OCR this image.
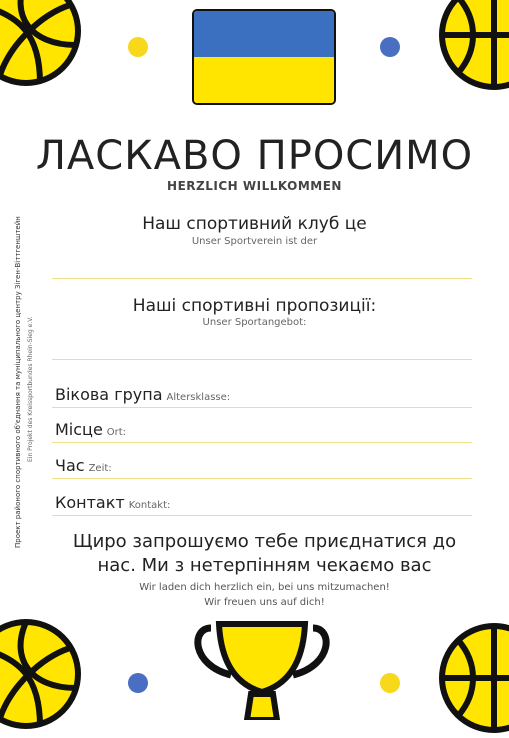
ЛАСКАВО ПРОСИМО
HERZLICH WILLKOMMEN
Наш спортивний клуб це
Unser Sportverein ist der
Наші спортивні пропозиції:
Unser Sportangebot:
Вікова група Altersklasse:
Місце Ort:
Час Zeit:
Контакт Kontakt:
Щиро запрошуємо тебе приєднатися до
нас. Ми з нетерпінням чекаємо вас
Wir laden dich herzlich ein, bei uns mitzumachen!
Wir freuen uns auf dich!
Проект районого спортивного об'єднання та муніципального центру Зіген-Віттгенштейн Ein Projekt des Kreissportbundes Rhein-Sieg e.V.
